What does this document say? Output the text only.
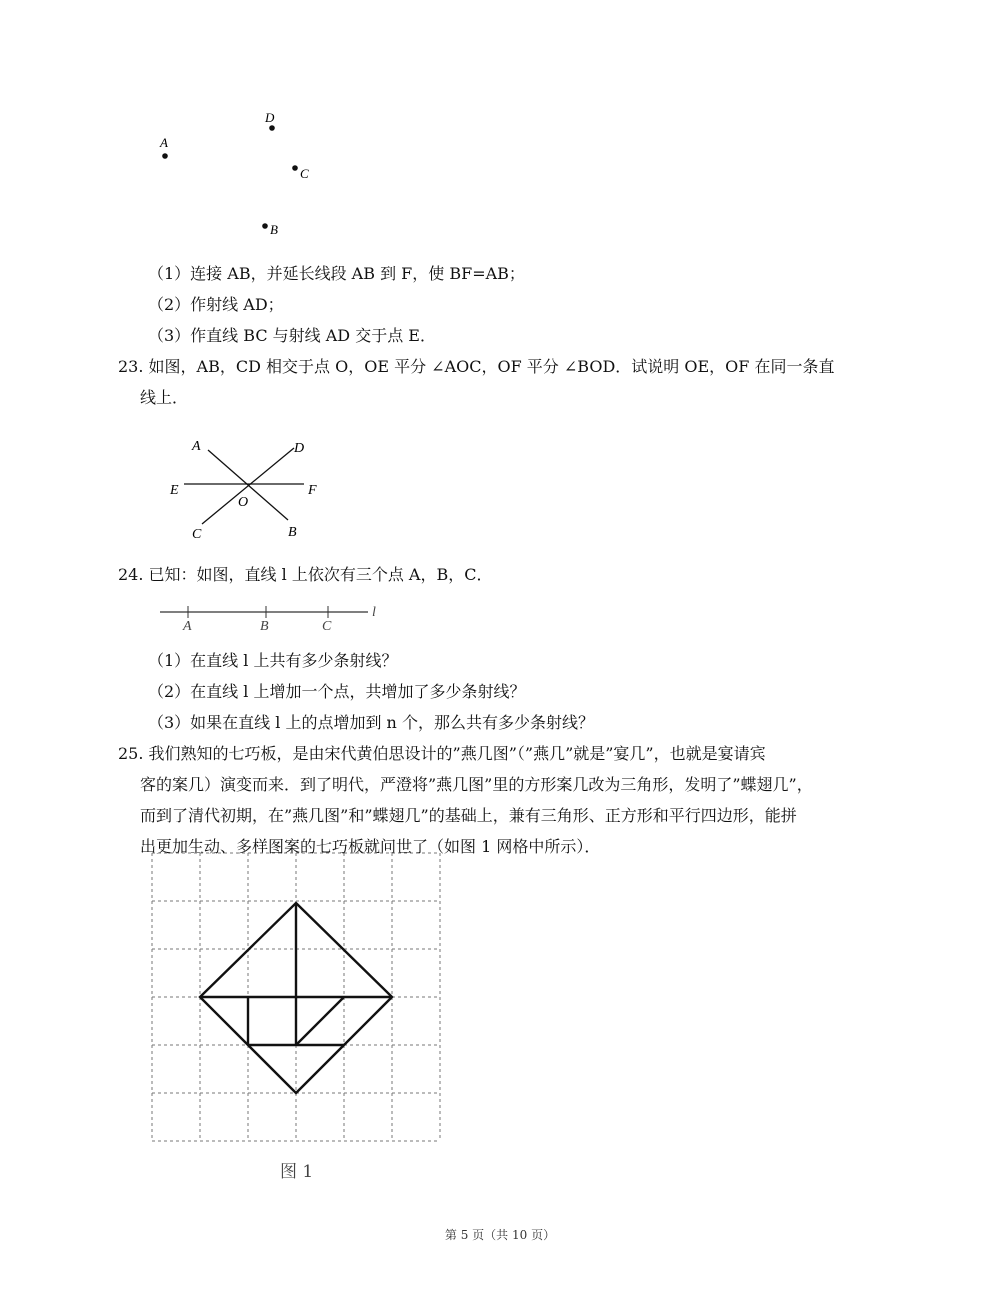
A
D
C
B
（1）连接 AB，并延长线段 AB 到 F，使 BF=AB；
（2）作射线 AD；
（3）作直线 BC 与射线 AD 交于点 E．
23. 如图，AB，CD 相交于点 O，OE 平分 ∠AOC，OF 平分 ∠BOD．试说明 OE，OF 在同一条直
线上．
A	D
E	F
O
C	B
24. 已知：如图，直线 l 上依次有三个点 A，B，C．
A	B	C
l
（1）在直线 l 上共有多少条射线？
（2）在直线 l 上增加一个点，共增加了多少条射线？
（3）如果在直线 l 上的点增加到 n 个，那么共有多少条射线？
25. 我们熟知的七巧板，是由宋代黄伯思设计的”燕几图”（”燕几”就是”宴几”，也就是宴请宾
客的案几）演变而来．到了明代，严澄将”燕几图”里的方形案几改为三角形，发明了”蝶翅几”，
而到了清代初期，在”燕几图”和”蝶翅几”的基础上，兼有三角形、正方形和平行四边形，能拼
出更加生动、多样图案的七巧板就问世了（如图 1 网格中所示）．
图 1
第 5 页（共 10 页）
